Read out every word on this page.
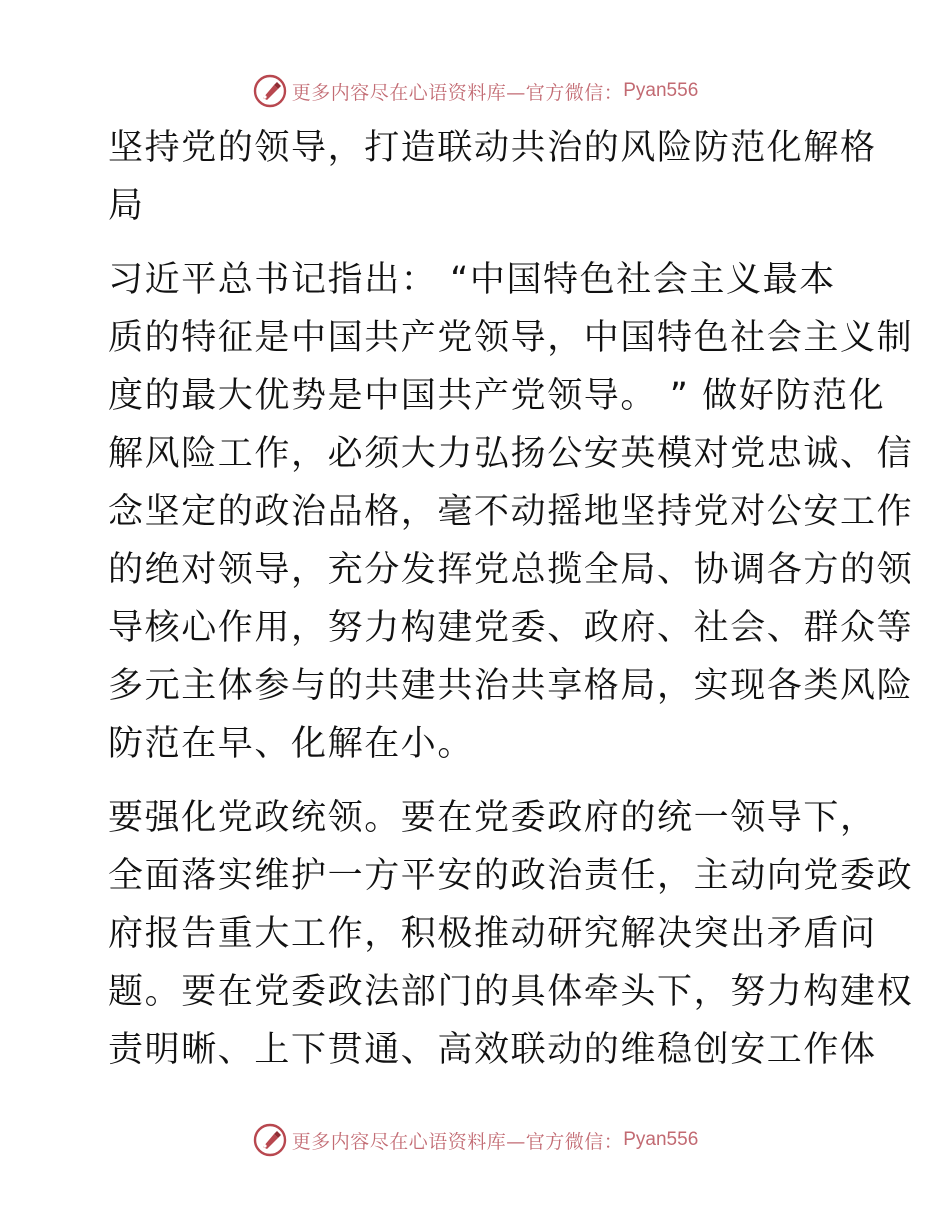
更多内容尽在心语资料库—官方微信： Pyan556
坚持党的领导，打造联动共治的风险防范化解格
局
习近平总书记指出： “中国特色社会主义最本
质的特征是中国共产党领导，中国特色社会主义制
度的最大优势是中国共产党领导。 ” 做好防范化
解风险工作，必须大力弘扬公安英模对党忠诚、信
念坚定的政治品格，毫不动摇地坚持党对公安工作
的绝对领导，充分发挥党总揽全局、协调各方的领
导核心作用，努力构建党委、政府、社会、群众等
多元主体参与的共建共治共享格局，实现各类风险
防范在早、化解在小。
要强化党政统领。要在党委政府的统一领导下，
全面落实维护一方平安的政治责任，主动向党委政
府报告重大工作，积极推动研究解决突出矛盾问
题。要在党委政法部门的具体牵头下，努力构建权
责明晰、上下贯通、高效联动的维稳创安工作体
更多内容尽在心语资料库—官方微信： Pyan556
